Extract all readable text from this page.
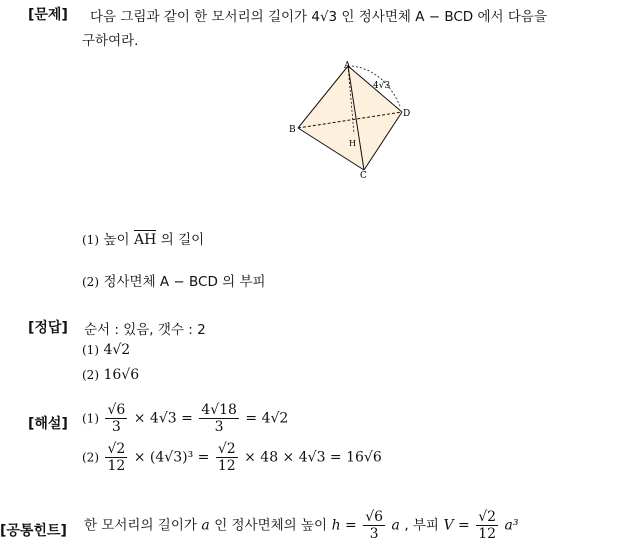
[문제] 다음 그림과 같이 한 모서리의 길이가 4√3 인 정사면체 A − BCD 에서 다음을
구하여라.
A
B
C
D
H
4√3
(1) 높이 AH 의 길이
(2) 정사면체 A − BCD 의 부피
[정답] 순서 : 있음, 갯수 : 2
(1) 4√2
(2) 16√6
[해설] $(1) \frac{√6}{3} \times 4√3 = \frac{4√18}{3} = 4√2$
$(2) \frac{√2}{12} \times (4√3)^3 = \frac{√2}{12} \times 48 \times 4√3 = 16√6$
[공통힌트] 한 모서리의 길이가 a 인 정사면체의 높이 $h = \frac{√6}{3}$ a , 부피 $V = \frac{√2}{12} a^3$
